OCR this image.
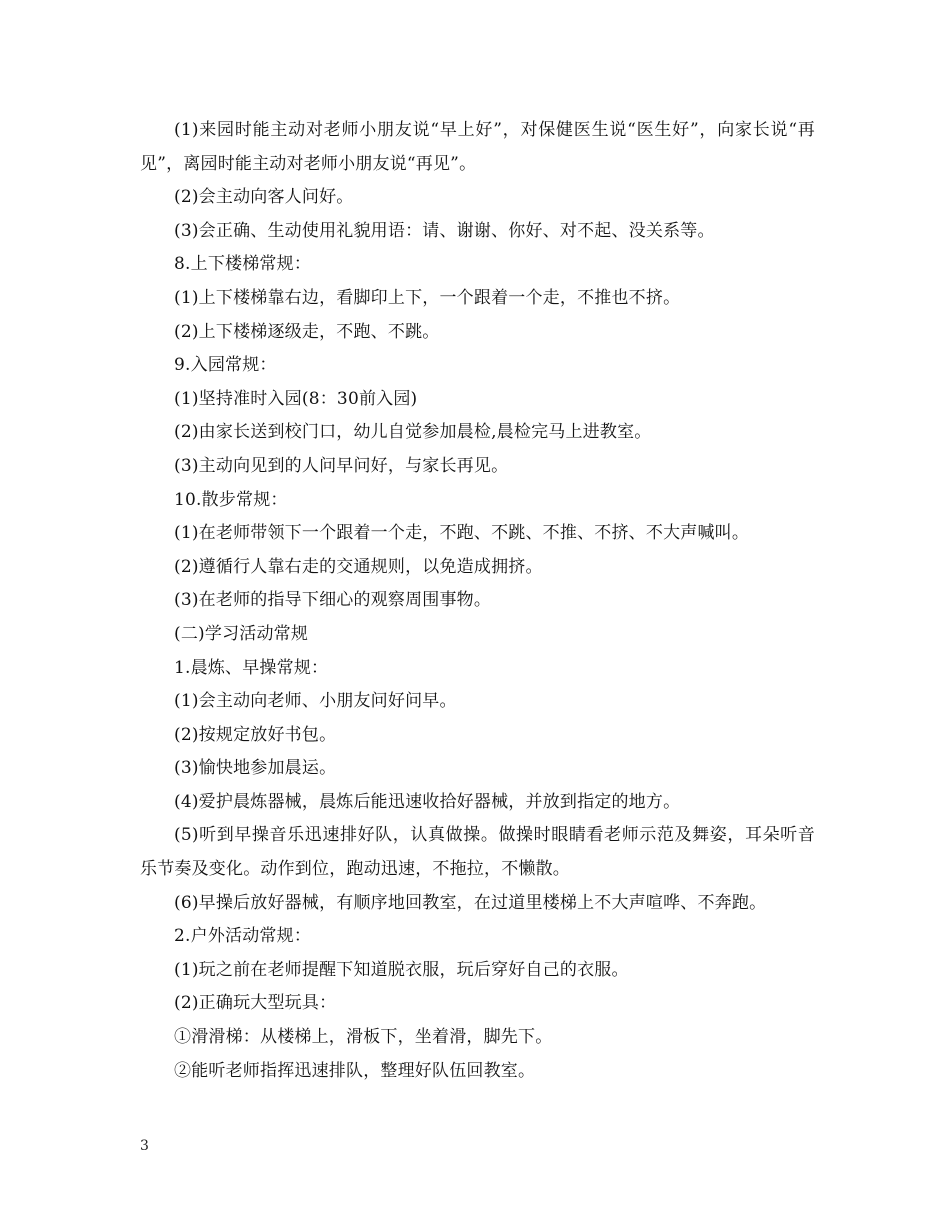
(1)来园时能主动对老师小朋友说“早上好”，对保健医生说“医生好”，向家长说“再见”，离园时能主动对老师小朋友说“再见”。

(2)会主动向客人问好。

(3)会正确、生动使用礼貌用语：请、谢谢、你好、对不起、没关系等。

8.上下楼梯常规：

(1)上下楼梯靠右边，看脚印上下，一个跟着一个走，不推也不挤。

(2)上下楼梯逐级走，不跑、不跳。

9.入园常规：

(1)坚持准时入园(8：30前入园)

(2)由家长送到校门口，幼儿自觉参加晨检,晨检完马上进教室。

(3)主动向见到的人问早问好，与家长再见。

10.散步常规：

(1)在老师带领下一个跟着一个走，不跑、不跳、不推、不挤、不大声喊叫。

(2)遵循行人靠右走的交通规则，以免造成拥挤。

(3)在老师的指导下细心的观察周围事物。

(二)学习活动常规

1.晨炼、早操常规：

(1)会主动向老师、小朋友问好问早。

(2)按规定放好书包。

(3)愉快地参加晨运。

(4)爱护晨炼器械，晨炼后能迅速收拾好器械，并放到指定的地方。

(5)听到早操音乐迅速排好队，认真做操。做操时眼睛看老师示范及舞姿，耳朵听音乐节奏及变化。动作到位，跑动迅速，不拖拉，不懒散。

(6)早操后放好器械，有顺序地回教室，在过道里楼梯上不大声喧哗、不奔跑。

2.户外活动常规：

(1)玩之前在老师提醒下知道脱衣服，玩后穿好自己的衣服。

(2)正确玩大型玩具：

①滑滑梯：从楼梯上，滑板下，坐着滑，脚先下。

②能听老师指挥迅速排队，整理好队伍回教室。

3
